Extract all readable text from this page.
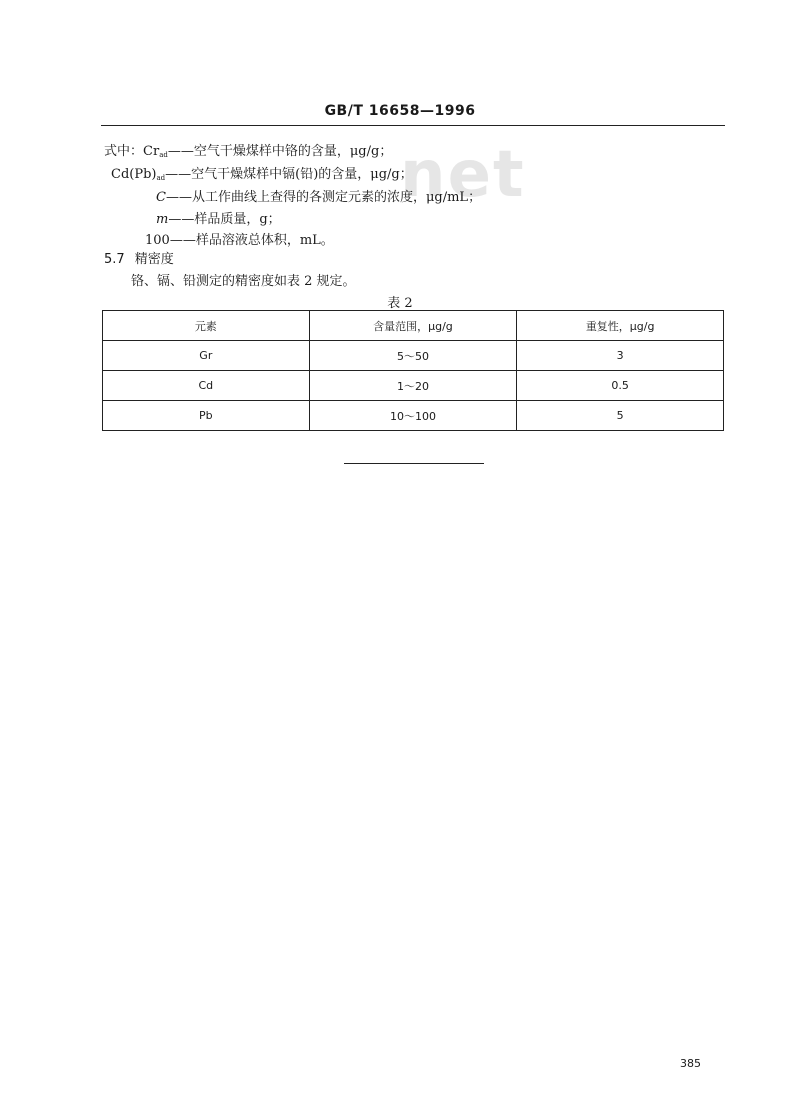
GB/T 16658—1996
net
式中：$Cr_{ad}——$空气干燥煤样中铬的含量，μg/g；
$Cd(Pb)_{ad}——$空气干燥煤样中镉(铅)的含量，μg/g；
C——从工作曲线上查得的各测定元素的浓度，μg/mL；
m——样品质量，g；
100——样品溶液总体积，mL。
5.7 精密度
铬、镉、铅测定的精密度如表 2 规定。
表 2
元素	含量范围，μg/g	重复性，μg/g
Gr	5～50	3
Cd	1～20	0.5
Pb	10～100	5
385
